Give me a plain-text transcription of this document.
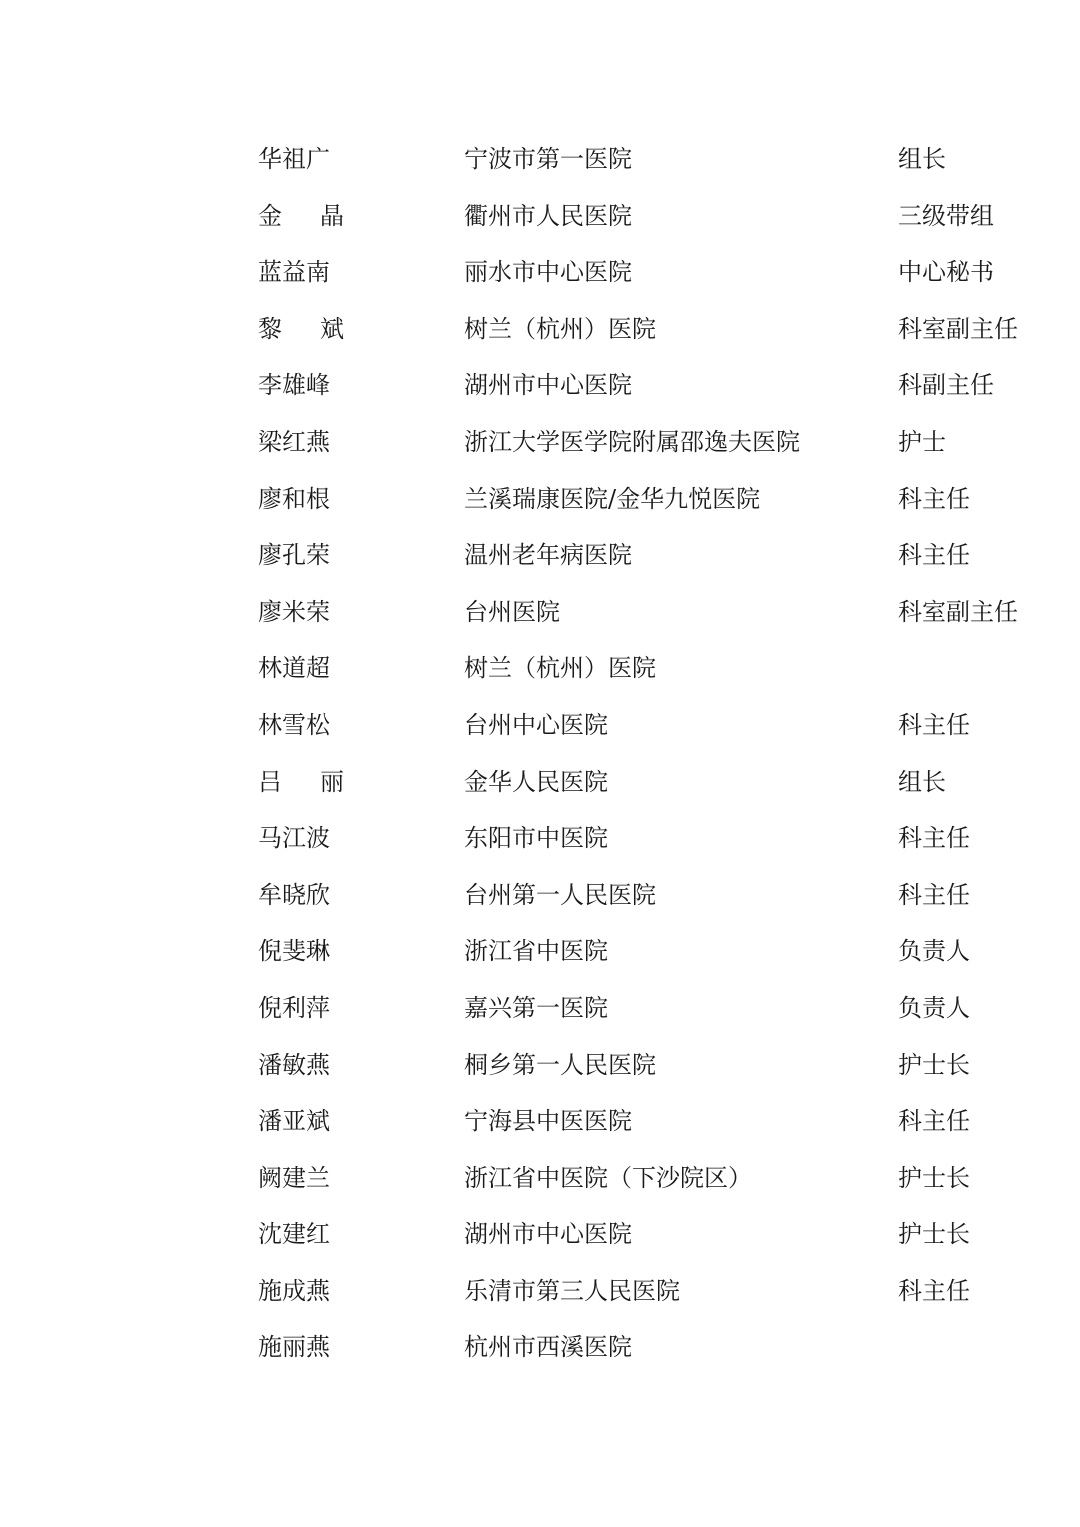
华祖广	宁波市第一医院	组长
金晶	衢州市人民医院	三级带组
蓝益南	丽水市中心医院	中心秘书
黎斌	树兰（杭州）医院	科室副主任
李雄峰	湖州市中心医院	科副主任
梁红燕	浙江大学医学院附属邵逸夫医院	护士
廖和根	兰溪瑞康医院/金华九悦医院	科主任
廖孔荣	温州老年病医院	科主任
廖米荣	台州医院	科室副主任
林道超	树兰（杭州）医院
林雪松	台州中心医院	科主任
吕丽	金华人民医院	组长
马江波	东阳市中医院	科主任
牟晓欣	台州第一人民医院	科主任
倪斐琳	浙江省中医院	负责人
倪利萍	嘉兴第一医院	负责人
潘敏燕	桐乡第一人民医院	护士长
潘亚斌	宁海县中医医院	科主任
阙建兰	浙江省中医院（下沙院区）	护士长
沈建红	湖州市中心医院	护士长
施成燕	乐清市第三人民医院	科主任
施丽燕	杭州市西溪医院
